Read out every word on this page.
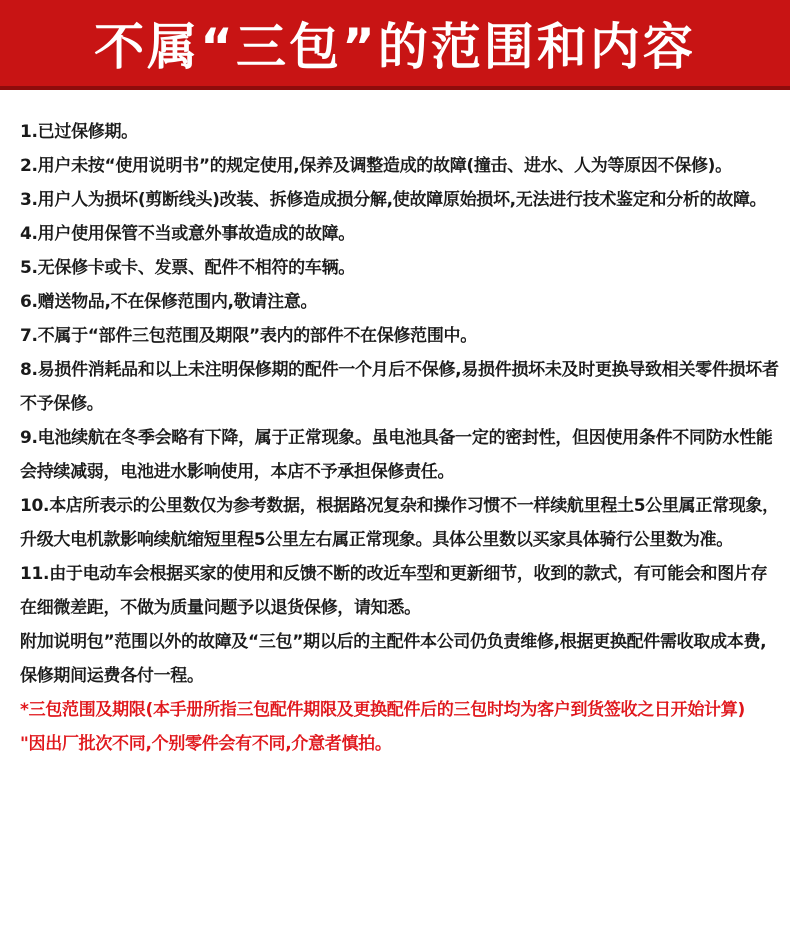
不属“三包”的范围和内容

1.已过保修期。

2.用户未按“使用说明书”的规定使用,保养及调整造成的故障(撞击、进水、人为等原因不保修)。

3.用户人为损坏(剪断线头)改装、拆修造成损分解,使故障原始损坏,无法进行技术鉴定和分析的故障。

4.用户使用保管不当或意外事故造成的故障。

5.无保修卡或卡、发票、配件不相符的车辆。

6.赠送物品,不在保修范围内,敬请注意。

7.不属于“部件三包范围及期限”表内的部件不在保修范围中。

8.易损件消耗品和以上未注明保修期的配件一个月后不保修,易损件损坏未及时更换导致相关零件损坏者不予保修。

9.电池续航在冬季会略有下降，属于正常现象。虽电池具备一定的密封性，但因使用条件不同防水性能会持续减弱，电池进水影响使用，本店不予承担保修责任。

10.本店所表示的公里数仅为参考数据，根据路况复杂和操作习惯不一样续航里程土5公里属正常现象，升级大电机款影响续航缩短里程5公里左右属正常现象。具体公里数以买家具体骑行公里数为准。

11.由于电动车会根据买家的使用和反馈不断的改近车型和更新细节，收到的款式，有可能会和图片存在细微差距，不做为质量问题予以退货保修，请知悉。

附加说明包”范围以外的故障及“三包”期以后的主配件本公司仍负责维修,根据更换配件需收取成本费,保修期间运费各付一程。

*三包范围及期限(本手册所指三包配件期限及更换配件后的三包时均为客户到货签收之日开始计算)

"因出厂批次不同,个别零件会有不同,介意者慎拍。
